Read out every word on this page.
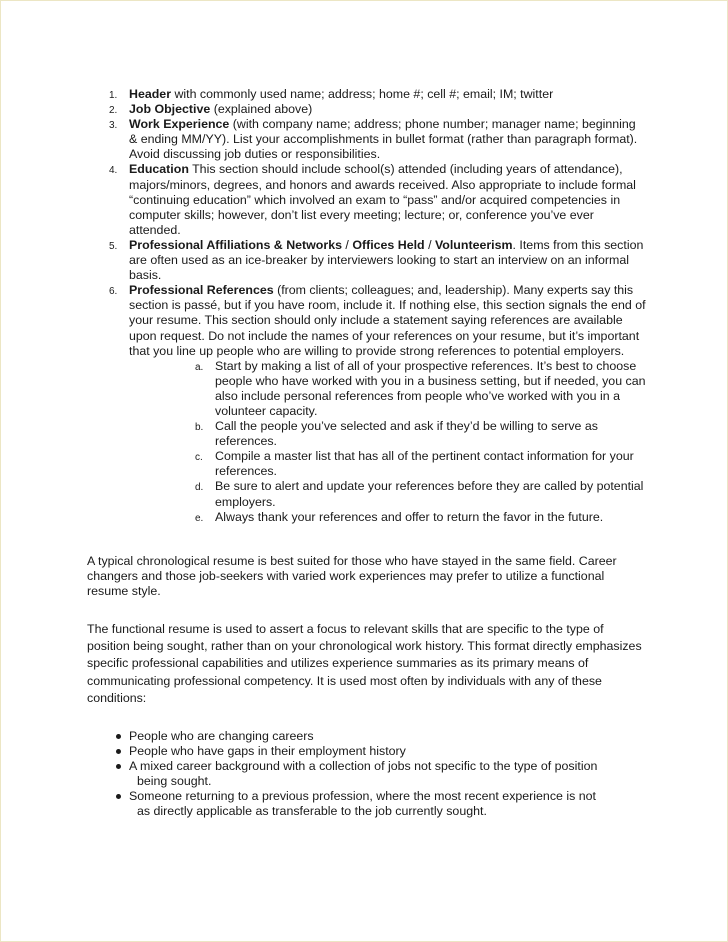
1. Header with commonly used name; address; home #; cell #; email; IM; twitter
2. Job Objective (explained above)
3. Work Experience (with company name; address; phone number; manager name; beginning & ending MM/YY). List your accomplishments in bullet format (rather than paragraph format). Avoid discussing job duties or responsibilities.
4. Education This section should include school(s) attended (including years of attendance), majors/minors, degrees, and honors and awards received. Also appropriate to include formal “continuing education” which involved an exam to “pass” and/or acquired competencies in computer skills; however, don’t list every meeting; lecture; or, conference you’ve ever attended.
5. Professional Affiliations & Networks / Offices Held / Volunteerism. Items from this section are often used as an ice-breaker by interviewers looking to start an interview on an informal basis.
6. Professional References (from clients; colleagues; and, leadership). Many experts say this section is passé, but if you have room, include it. If nothing else, this section signals the end of your resume. This section should only include a statement saying references are available upon request. Do not include the names of your references on your resume, but it’s important that you line up people who are willing to provide strong references to potential employers.
a. Start by making a list of all of your prospective references. It’s best to choose people who have worked with you in a business setting, but if needed, you can also include personal references from people who’ve worked with you in a volunteer capacity.
b. Call the people you’ve selected and ask if they’d be willing to serve as references.
c. Compile a master list that has all of the pertinent contact information for your references.
d. Be sure to alert and update your references before they are called by potential employers.
e. Always thank your references and offer to return the favor in the future.

A typical chronological resume is best suited for those who have stayed in the same field. Career changers and those job-seekers with varied work experiences may prefer to utilize a functional resume style.

The functional resume is used to assert a focus to relevant skills that are specific to the type of position being sought, rather than on your chronological work history. This format directly emphasizes specific professional capabilities and utilizes experience summaries as its primary means of communicating professional competency. It is used most often by individuals with any of these conditions:

People who are changing careers
People who have gaps in their employment history
A mixed career background with a collection of jobs not specific to the type of position
being sought.
Someone returning to a previous profession, where the most recent experience is not
as directly applicable as transferable to the job currently sought.
